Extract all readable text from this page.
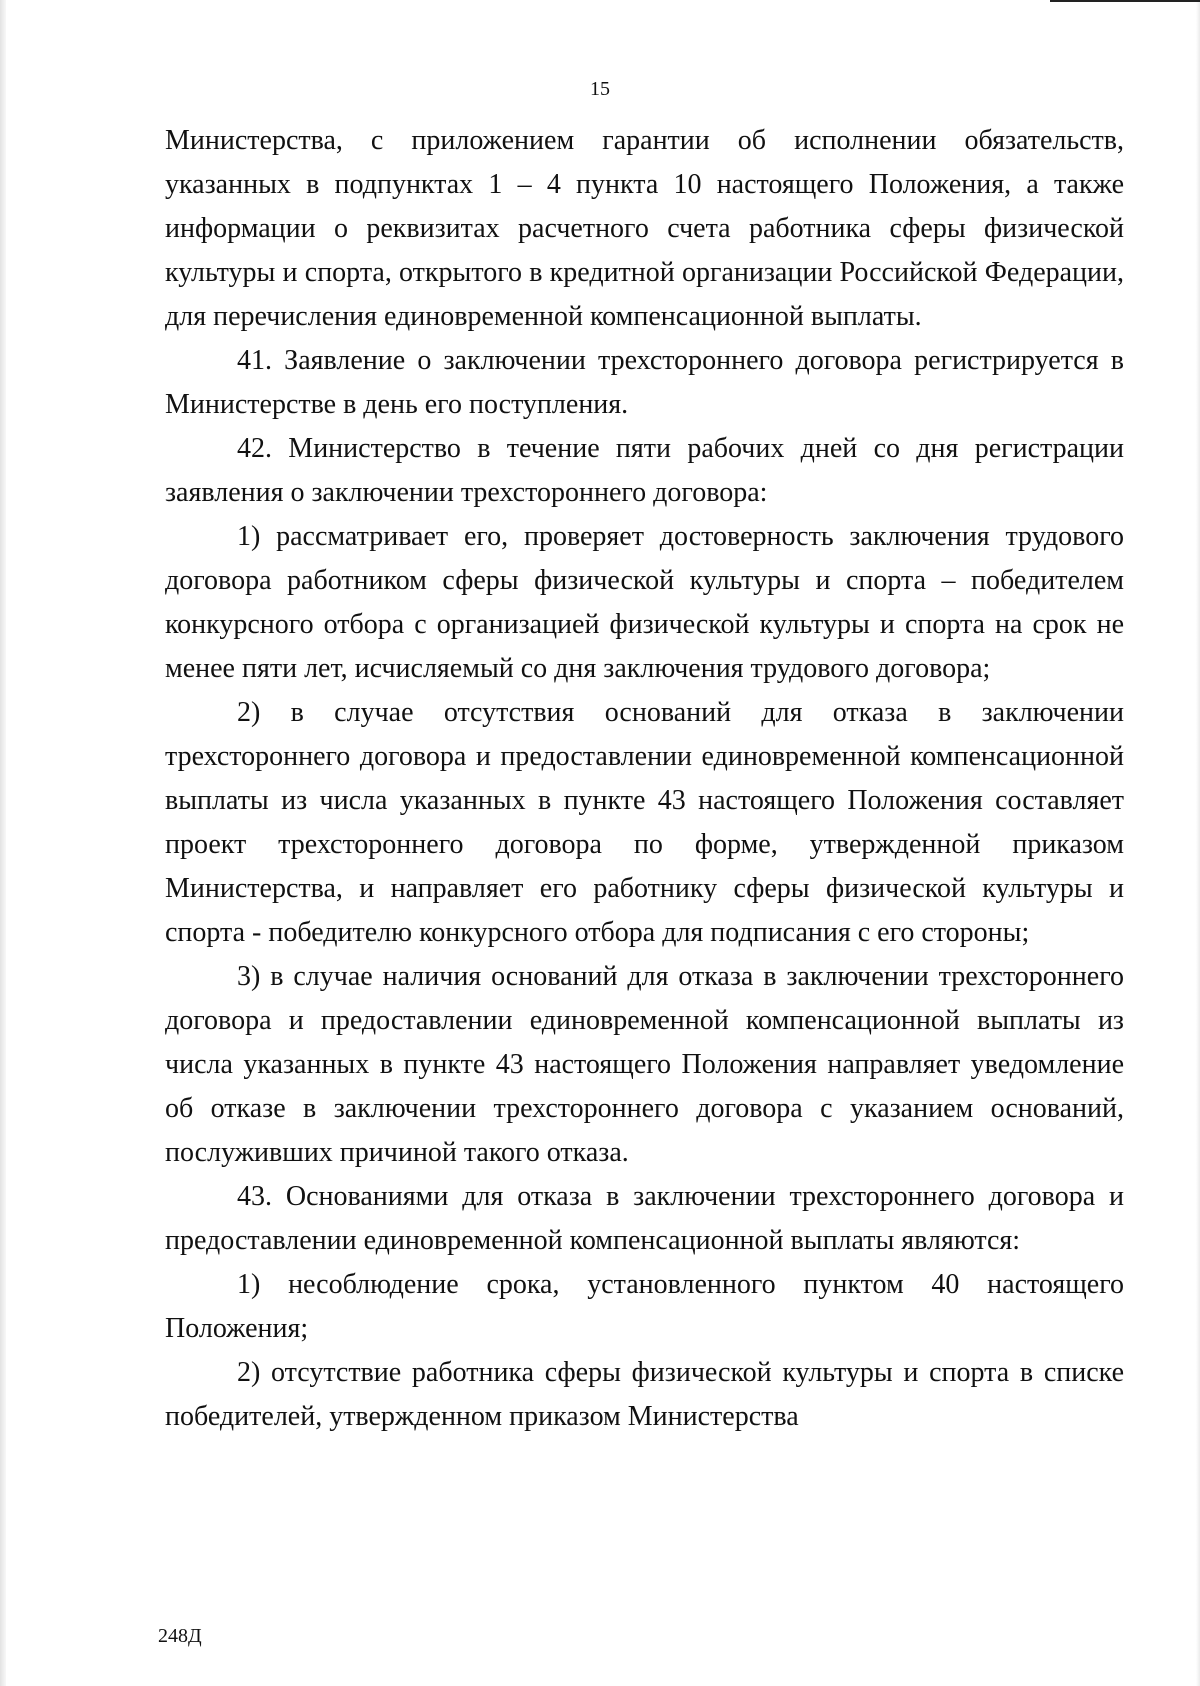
15

Министерства, с приложением гарантии об исполнении обязательств, указанных в подпунктах 1 – 4 пункта 10 настоящего Положения, а также информации о реквизитах расчетного счета работника сферы физической культуры и спорта, открытого в кредитной организации Российской Федерации, для перечисления единовременной компенсационной выплаты.

41. Заявление о заключении трехстороннего договора регистрируется в Министерстве в день его поступления.

42. Министерство в течение пяти рабочих дней со дня регистрации заявления о заключении трехстороннего договора:

1) рассматривает его, проверяет достоверность заключения трудового договора работником сферы физической культуры и спорта – победителем конкурсного отбора с организацией физической культуры и спорта на срок не менее пяти лет, исчисляемый со дня заключения трудового договора;

2) в случае отсутствия оснований для отказа в заключении трехстороннего договора и предоставлении единовременной компенсационной выплаты из числа указанных в пункте 43 настоящего Положения составляет проект трехстороннего договора по форме, утвержденной приказом Министерства, и направляет его работнику сферы физической культуры и спорта - победителю конкурсного отбора для подписания с его стороны;

3) в случае наличия оснований для отказа в заключении трехстороннего договора и предоставлении единовременной компенсационной выплаты из числа указанных в пункте 43 настоящего Положения направляет уведомление об отказе в заключении трехстороннего договора с указанием оснований, послуживших причиной такого отказа.

43. Основаниями для отказа в заключении трехстороннего договора и предоставлении единовременной компенсационной выплаты являются:

1) несоблюдение срока, установленного пунктом 40 настоящего Положения;

2) отсутствие работника сферы физической культуры и спорта в списке победителей, утвержденном приказом Министерства

248Д
